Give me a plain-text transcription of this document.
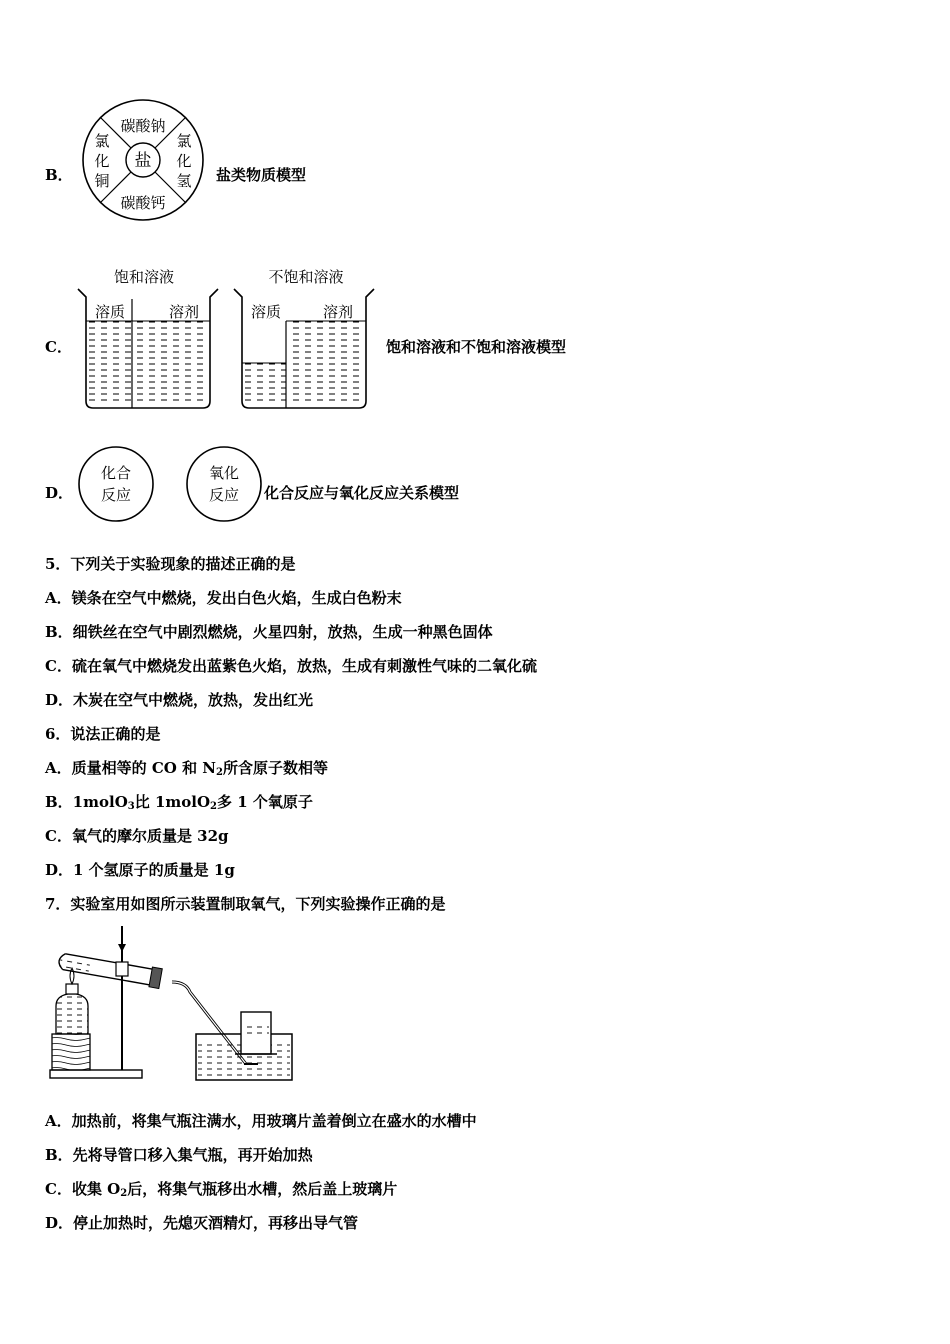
B．
盐
碳酸钠
碳酸钙
氯
化
铜
氯
化
氢 盐类物质模型
C．
饱和溶液	不饱和溶液
溶质	溶剂	溶质	溶剂
饱和溶液和不饱和溶液模型
D．
化合
反应
氧化
反应 化合反应与氧化反应关系模型
5．下列关于实验现象的描述正确的是
A．镁条在空气中燃烧，发出白色火焰，生成白色粉末
B．细铁丝在空气中剧烈燃烧，火星四射，放热，生成一种黑色固体
C．硫在氧气中燃烧发出蓝紫色火焰，放热，生成有刺激性气味的二氧化硫
D．木炭在空气中燃烧，放热，发出红光
6．说法正确的是
A．质量相等的 CO 和 $N_2$所含原子数相等
B．1molO$_3$比 1molO$_2$多 1 个氧原子
C．氧气的摩尔质量是 32g
D．1 个氢原子的质量是 1g
7．实验室用如图所示装置制取氧气，下列实验操作正确的是
A．加热前，将集气瓶注满水，用玻璃片盖着倒立在盛水的水槽中
B．先将导管口移入集气瓶，再开始加热
C．收集 $O_2$后，将集气瓶移出水槽，然后盖上玻璃片
D．停止加热时，先熄灭酒精灯，再移出导气管
